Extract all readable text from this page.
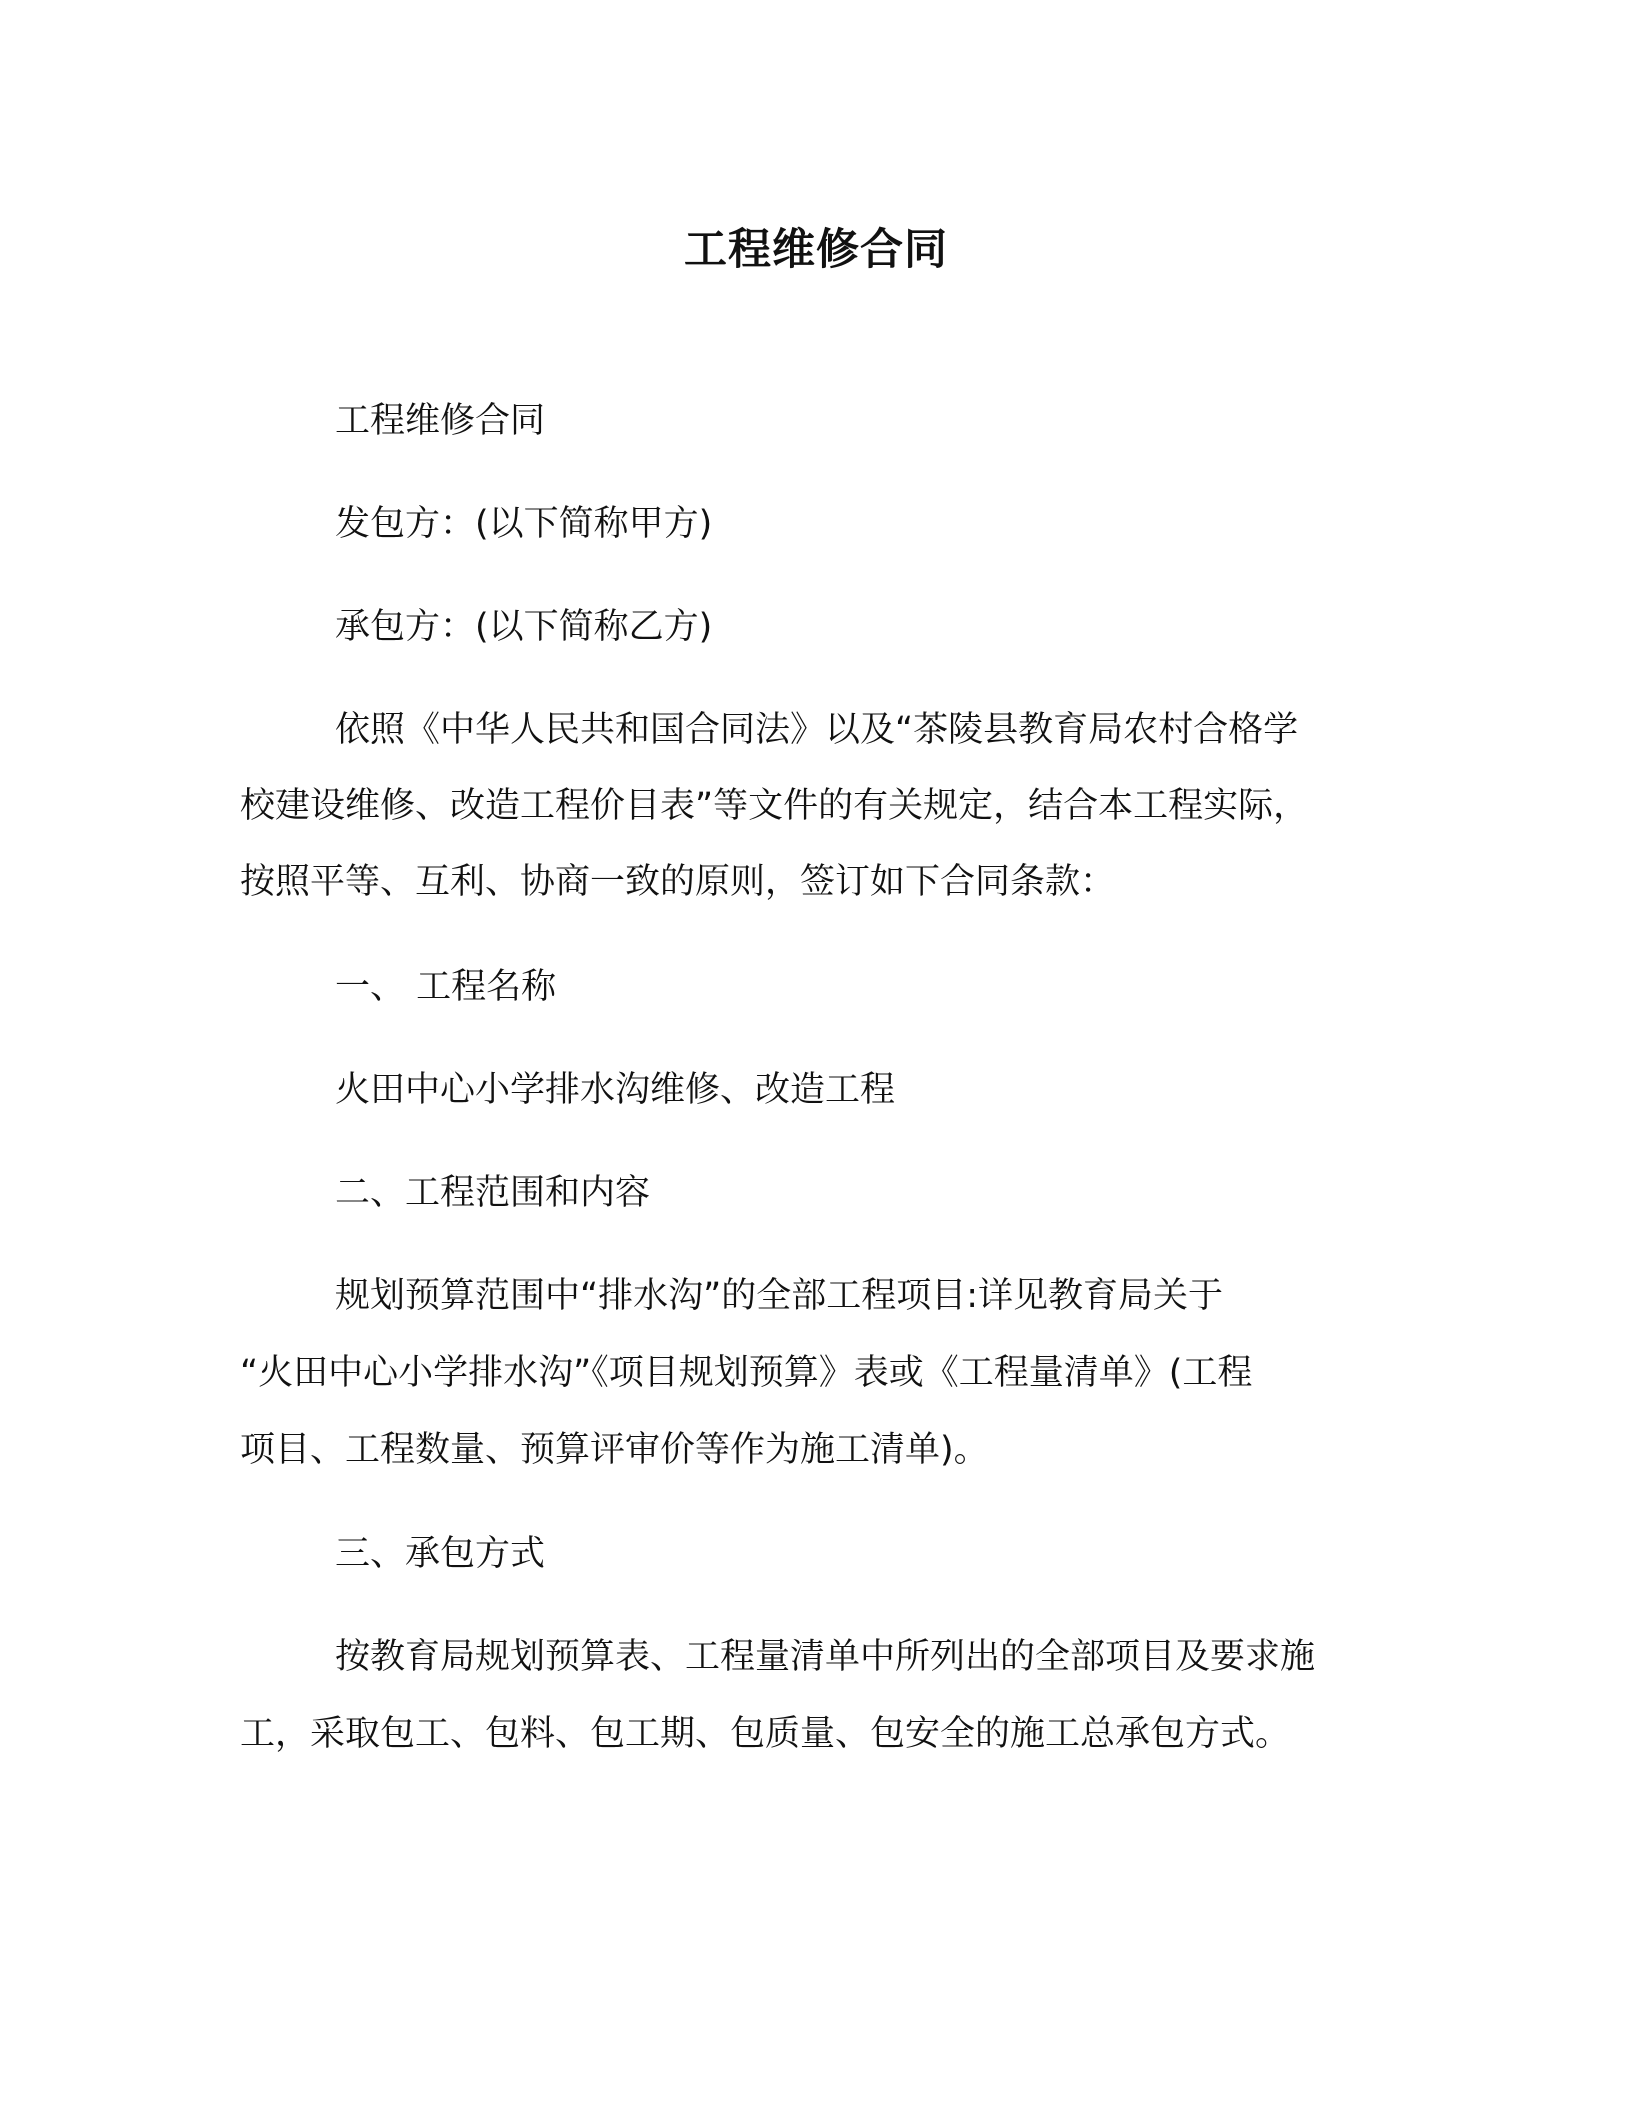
工程维修合同
工程维修合同
发包方：(以下简称甲方)
承包方：(以下简称乙方)
依照《中华人民共和国合同法》以及“茶陵县教育局农村合格学
校建设维修、改造工程价目表”等文件的有关规定，结合本工程实际，
按照平等、互利、协商一致的原则，签订如下合同条款：
一、 工程名称
火田中心小学排水沟维修、改造工程
二、工程范围和内容
规划预算范围中“排水沟”的全部工程项目:详见教育局关于
“火田中心小学排水沟”《项目规划预算》表或《工程量清单》(工程
项目、工程数量、预算评审价等作为施工清单)。
三、承包方式
按教育局规划预算表、工程量清单中所列出的全部项目及要求施
工，采取包工、包料、包工期、包质量、包安全的施工总承包方式。
